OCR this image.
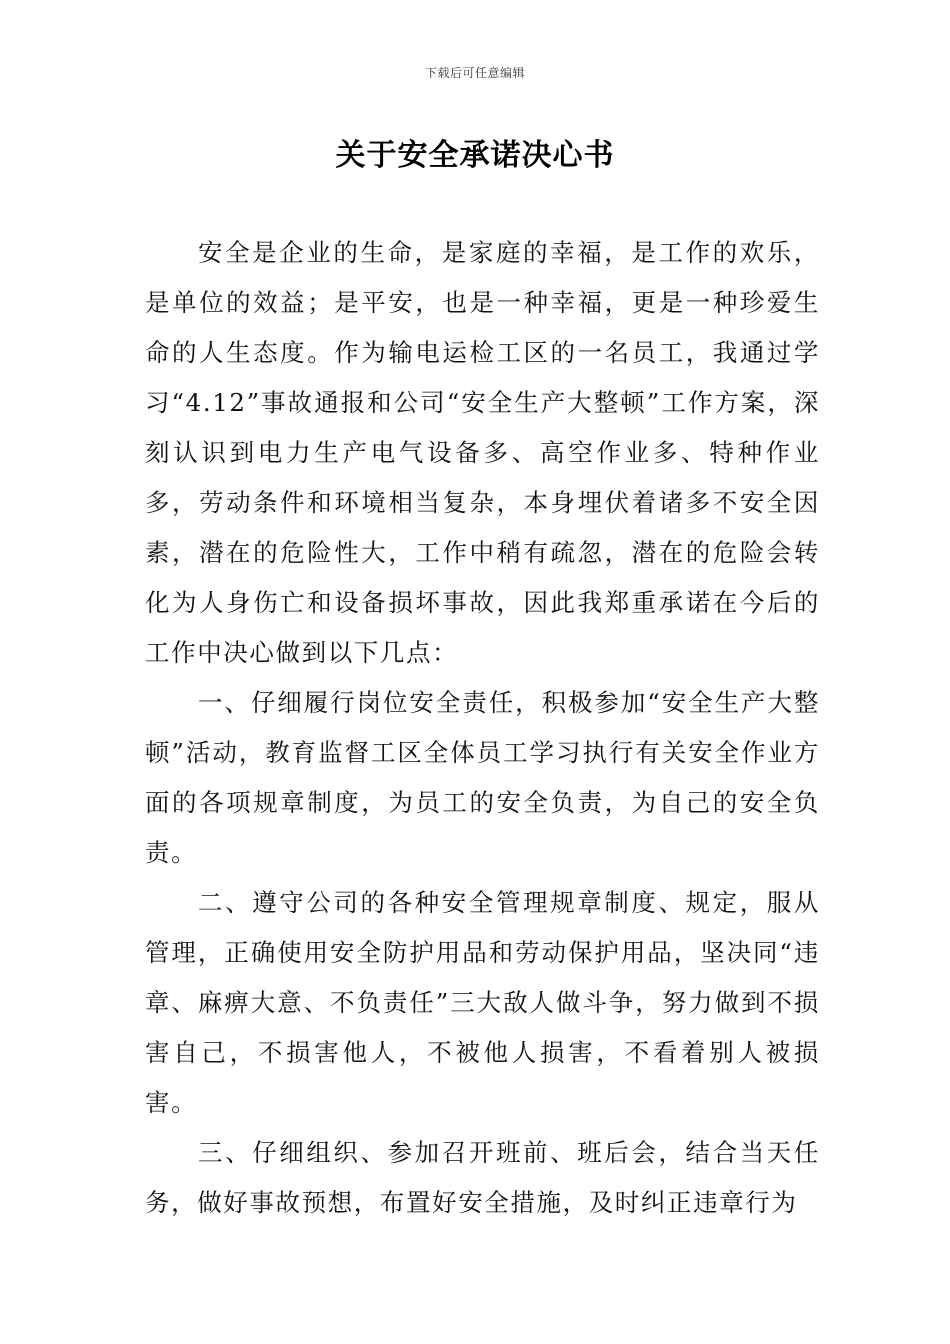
下载后可任意编辑
关于安全承诺决心书

安全是企业的生命，是家庭的幸福，是工作的欢乐，是单位的效益；是平安，也是一种幸福，更是一种珍爱生命的人生态度。作为输电运检工区的一名员工，我通过学习“4.12”事故通报和公司“安全生产大整顿”工作方案，深刻认识到电力生产电气设备多、高空作业多、特种作业多，劳动条件和环境相当复杂，本身埋伏着诸多不安全因素，潜在的危险性大，工作中稍有疏忽，潜在的危险会转化为人身伤亡和设备损坏事故，因此我郑重承诺在今后的工作中决心做到以下几点：

一、仔细履行岗位安全责任，积极参加“安全生产大整顿”活动，教育监督工区全体员工学习执行有关安全作业方面的各项规章制度，为员工的安全负责，为自己的安全负责。

二、遵守公司的各种安全管理规章制度、规定，服从管理，正确使用安全防护用品和劳动保护用品，坚决同“违章、麻痹大意、不负责任”三大敌人做斗争，努力做到不损害自己，不损害他人，不被他人损害，不看着别人被损害。

三、仔细组织、参加召开班前、班后会，结合当天任务，做好事故预想，布置好安全措施，及时纠正违章行为
